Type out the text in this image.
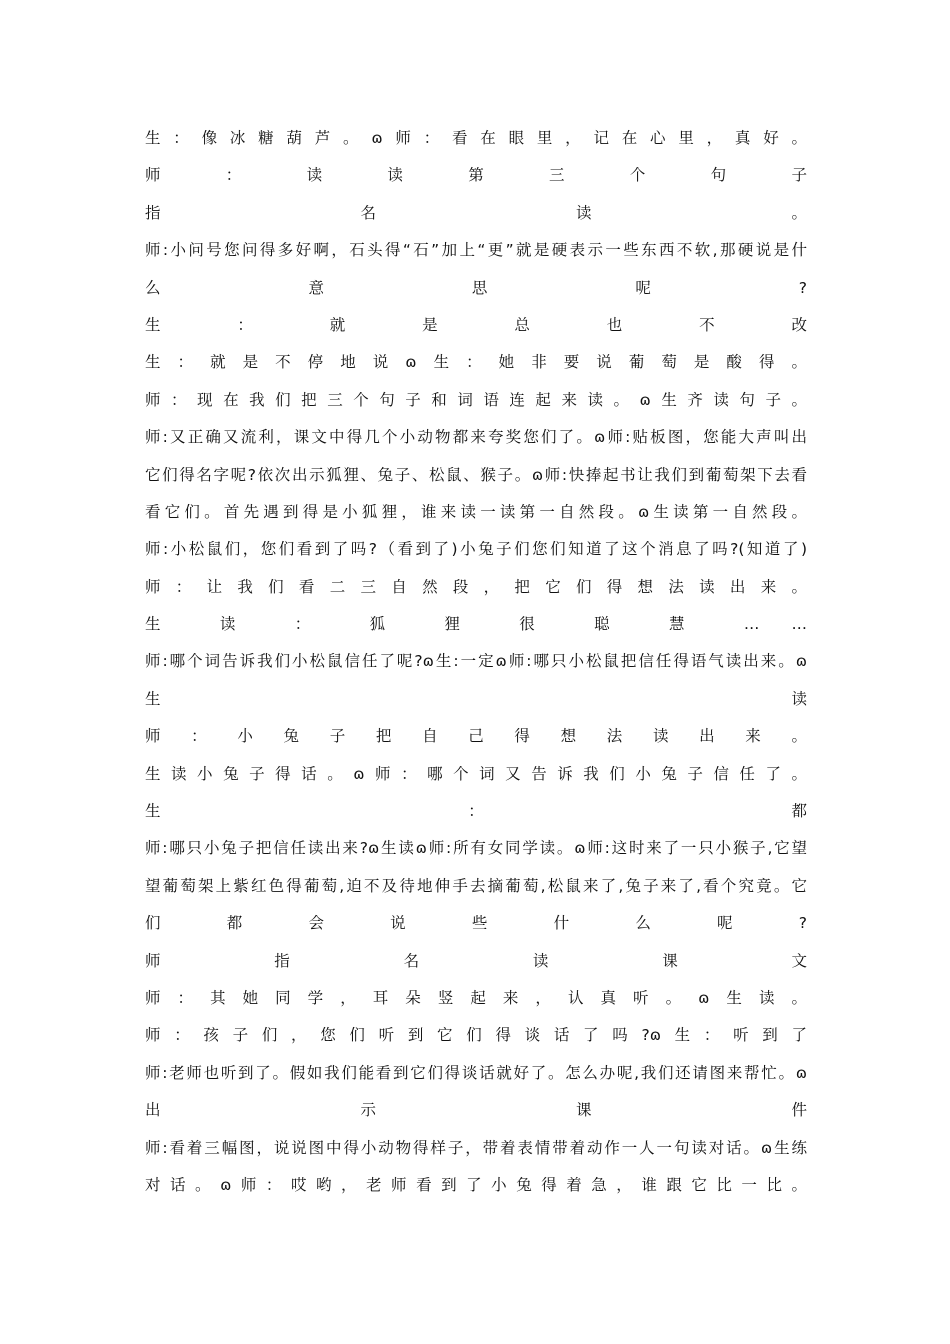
生：像冰糖葫芦。ɷ师：看在眼里，记在心里，真好。
师 ： 读 读 第 三 个 句 子
指 名 读 。
师:小问号您问得多好啊，石头得“石”加上“更”就是硬表示一些东西不软,那硬说是什
么 意 思 呢 ?
生 ： 就 是 总 也 不 改
生：就是不停地说ɷ生：她非要说葡萄是酸得。
师：现在我们把三个句子和词语连起来读。ɷ生齐读句子。
师:又正确又流利，课文中得几个小动物都来夸奖您们了。ɷ师:贴板图，您能大声叫出
它们得名字呢?依次出示狐狸、兔子、松鼠、猴子。ɷ师:快捧起书让我们到葡萄架下去看
看它们。首先遇到得是小狐狸，谁来读一读第一自然段。ɷ生读第一自然段。
师:小松鼠们，您们看到了吗?（看到了)小兔子们您们知道了这个消息了吗?(知道了)
师：让我们看二三自然段，把它们得想法读出来。
生 读 ： 狐 狸 很 聪 慧 … …
师:哪个词告诉我们小松鼠信任了呢?ɷ生:一定ɷ师:哪只小松鼠把信任得语气读出来。ɷ
生 读
师：小兔子把自己得想法读出来。
生读小兔子得话。ɷ师：哪个词又告诉我们小兔子信任了。
生 ： 都
师:哪只小兔子把信任读出来?ɷ生读ɷ师:所有女同学读。ɷ师:这时来了一只小猴子,它望
望葡萄架上紫红色得葡萄,迫不及待地伸手去摘葡萄,松鼠来了,兔子来了,看个究竟。它
们 都 会 说 些 什 么 呢 ?
师 指 名 读 课 文
师：其她同学，耳朵竖起来，认真听。ɷ生读。
师：孩子们，您们听到它们得谈话了吗?ɷ生：听到了
师:老师也听到了。假如我们能看到它们得谈话就好了。怎么办呢,我们还请图来帮忙。ɷ
出 示 课 件
师:看着三幅图，说说图中得小动物得样子，带着表情带着动作一人一句读对话。ɷ生练
对话。ɷ师：哎哟，老师看到了小兔得着急，谁跟它比一比。
